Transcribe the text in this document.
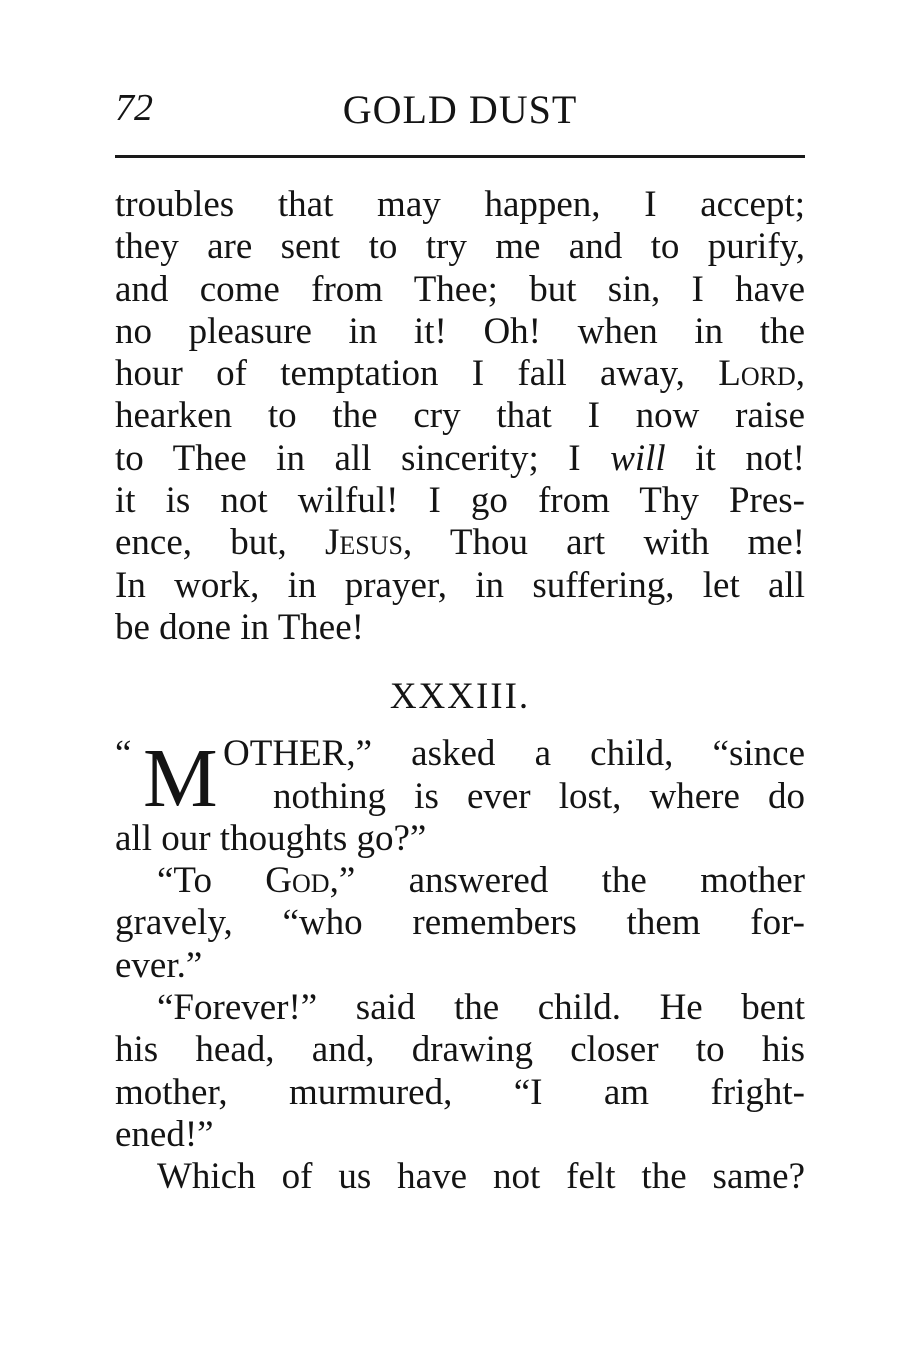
72	GOLD DUST
troubles that may happen, I accept;
they are sent to try me and to purify,
and come from Thee; but sin, I have
no pleasure in it! Oh! when in the
hour of temptation I fall away, Lord,
hearken to the cry that I now raise
to Thee in all sincerity; I will it not!
it is not wilful! I go from Thy Pres-
ence, but, Jesus, Thou art with me!
In work, in prayer, in suffering, let all
be done in Thee!
XXXIII.
“ M OTHER,” asked a child, “since
nothing is ever lost, where do
all our thoughts go?”
“To God,” answered the mother
gravely, “who remembers them for-
ever.”
“Forever!” said the child. He bent
his head, and, drawing closer to his
mother, murmured, “I am fright-
ened!”
Which of us have not felt the same?
